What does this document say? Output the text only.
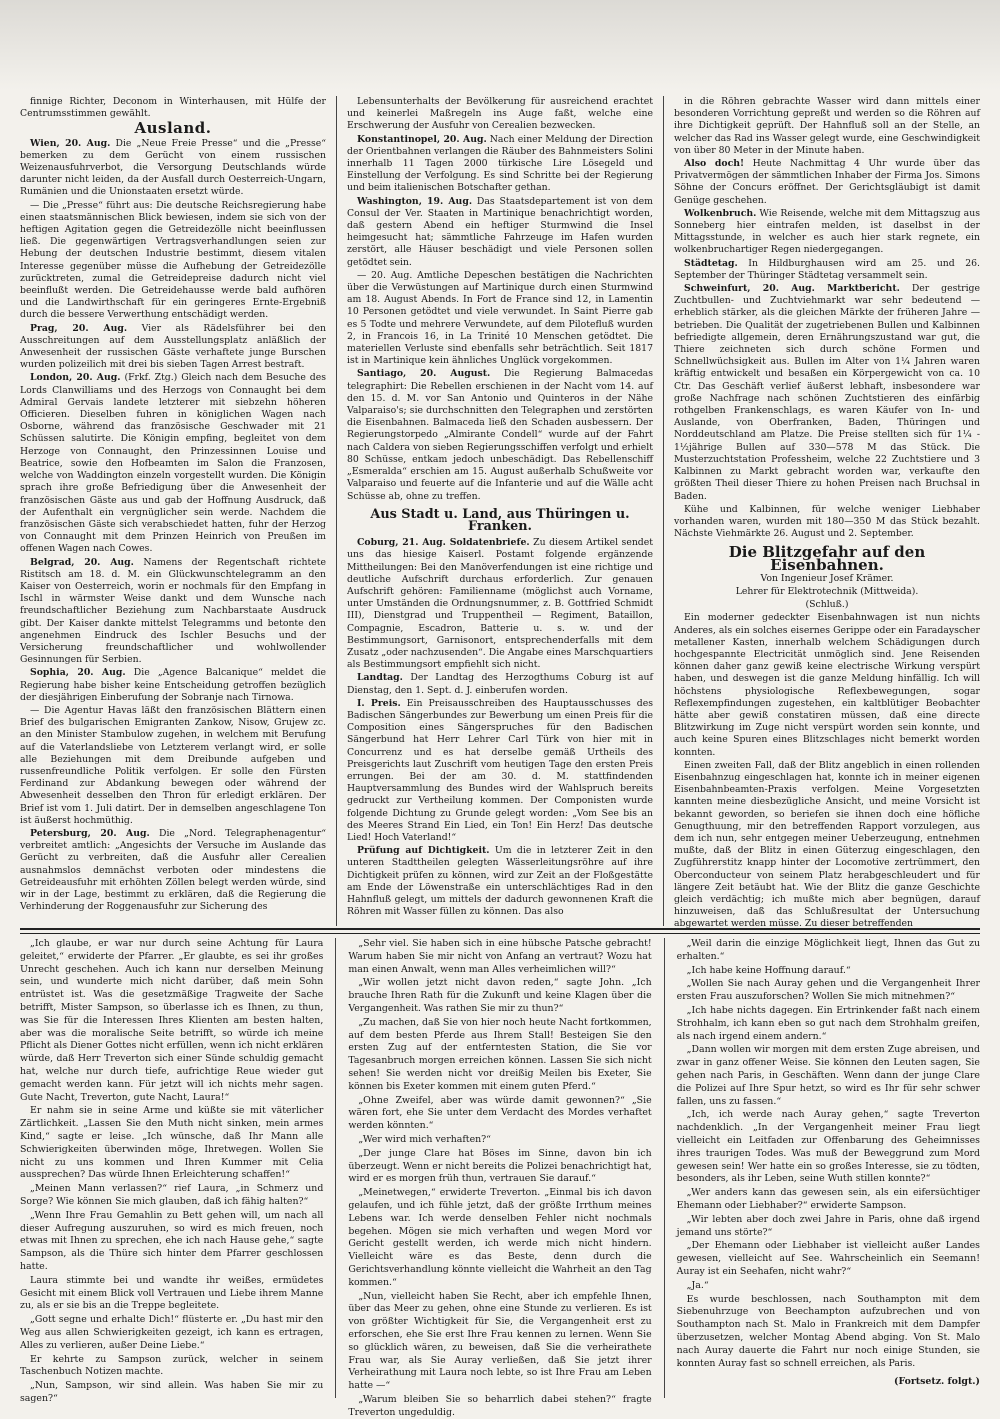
finnige Richter, Deconom in Winterhausen, mit Hülfe der Centrumsstimmen gewählt.

Ausland.

Wien, 20. Aug. Die „Neue Freie Presse“ und die „Presse“ bemerken zu dem Gerücht von einem russischen Weizenausfuhrverbot, die Versorgung Deutschlands würde darunter nicht leiden, da der Ausfall durch Oesterreich-Ungarn, Rumänien und die Unionstaaten ersetzt würde.

— Die „Presse“ führt aus: Die deutsche Reichsregierung habe einen staatsmännischen Blick bewiesen, indem sie sich von der heftigen Agitation gegen die Getreidezölle nicht beeinflussen ließ. Die gegenwärtigen Vertragsverhandlungen seien zur Hebung der deutschen Industrie bestimmt, diesem vitalen Interesse gegenüber müsse die Aufhebung der Getreidezölle zurücktreten, zumal die Getreidepreise dadurch nicht viel beeinflußt werden. Die Getreidehausse werde bald aufhören und die Landwirthschaft für ein geringeres Ernte-Ergebniß durch die bessere Verwerthung entschädigt werden.

Prag, 20. Aug. Vier als Rädelsführer bei den Ausschreitungen auf dem Ausstellungsplatz anläßlich der Anwesenheit der russischen Gäste verhaftete junge Burschen wurden polizeilich mit drei bis sieben Tagen Arrest bestraft.

London, 20. Aug. (Frkf. Ztg.) Gleich nach dem Besuche des Lords Clanwilliams und des Herzogs von Connaught bei dem Admiral Gervais landete letzterer mit siebzehn höheren Officieren. Dieselben fuhren in königlichen Wagen nach Osborne, während das französische Geschwader mit 21 Schüssen salutirte. Die Königin empfing, begleitet von dem Herzoge von Connaught, den Prinzessinnen Louise und Beatrice, sowie den Hofbeamten im Salon die Franzosen, welche von Waddington einzeln vorgestellt wurden. Die Königin sprach ihre große Befriedigung über die Anwesenheit der französischen Gäste aus und gab der Hoffnung Ausdruck, daß der Aufenthalt ein vergnüglicher sein werde. Nachdem die französischen Gäste sich verabschiedet hatten, fuhr der Herzog von Connaught mit dem Prinzen Heinrich von Preußen im offenen Wagen nach Cowes.

Belgrad, 20. Aug. Namens der Regentschaft richtete Ristitsch am 18. d. M. ein Glückwunschtelegramm an den Kaiser von Oesterreich, worin er nochmals für den Empfang in Ischl in wärmster Weise dankt und dem Wunsche nach freundschaftlicher Beziehung zum Nachbarstaate Ausdruck gibt. Der Kaiser dankte mittelst Telegramms und betonte den angenehmen Eindruck des Ischler Besuchs und der Versicherung freundschaftlicher und wohlwollender Gesinnungen für Serbien.

Sophia, 20. Aug. Die „Agence Balcanique“ meldet die Regierung habe bisher keine Entscheidung getroffen bezüglich der diesjährigen Einberufung der Sobranje nach Tirnowa.

— Die Agentur Havas läßt den französischen Blättern einen Brief des bulgarischen Emigranten Zankow, Nisow, Grujew zc. an den Minister Stambulow zugehen, in welchem mit Berufung auf die Vaterlandsliebe von Letzterem verlangt wird, er solle alle Beziehungen mit dem Dreibunde aufgeben und russenfreundliche Politik verfolgen. Er solle den Fürsten Ferdinand zur Abdankung bewegen oder während der Abwesenheit desselben den Thron für erledigt erklären. Der Brief ist vom 1. Juli datirt. Der in demselben angeschlagene Ton ist äußerst hochmüthig.

Petersburg, 20. Aug. Die „Nord. Telegraphenagentur“ verbreitet amtlich: „Angesichts der Versuche im Auslande das Gerücht zu verbreiten, daß die Ausfuhr aller Cerealien ausnahmslos demnächst verboten oder mindestens die Getreideausfuhr mit erhöhten Zöllen belegt werden würde, sind wir in der Lage, bestimmt zu erklären, daß die Regierung die Verhinderung der Roggenausfuhr zur Sicherung des

Lebensunterhalts der Bevölkerung für ausreichend erachtet und keinerlei Maßregeln ins Auge faßt, welche eine Erschwerung der Ausfuhr von Cerealien bezwecken.

Konstantinopel, 20. Aug. Nach einer Meldung der Direction der Orientbahnen verlangen die Räuber des Bahnmeisters Solini innerhalb 11 Tagen 2000 türkische Lire Lösegeld und Einstellung der Verfolgung. Es sind Schritte bei der Regierung und beim italienischen Botschafter gethan.

Washington, 19. Aug. Das Staatsdepartement ist von dem Consul der Ver. Staaten in Martinique benachrichtigt worden, daß gestern Abend ein heftiger Sturmwind die Insel heimgesucht hat; sämmtliche Fahrzeuge im Hafen wurden zerstört, alle Häuser beschädigt und viele Personen sollen getödtet sein.

— 20. Aug. Amtliche Depeschen bestätigen die Nachrichten über die Verwüstungen auf Martinique durch einen Sturmwind am 18. August Abends. In Fort de France sind 12, in Lamentin 10 Personen getödtet und viele verwundet. In Saint Pierre gab es 5 Todte und mehrere Verwundete, auf dem Pilotefluß wurden 2, in Francois 16, in La Trinité 10 Menschen getödtet. Die materiellen Verluste sind ebenfalls sehr beträchtlich. Seit 1817 ist in Martinique kein ähnliches Unglück vorgekommen.

Santiago, 20. August. Die Regierung Balmacedas telegraphirt: Die Rebellen erschienen in der Nacht vom 14. auf den 15. d. M. vor San Antonio und Quinteros in der Nähe Valparaiso's; sie durchschnitten den Telegraphen und zerstörten die Eisenbahnen. Balmaceda ließ den Schaden ausbessern. Der Regierungstorpedo „Almirante Condell“ wurde auf der Fahrt nach Caldera von sieben Regierungsschiffen verfolgt und erhielt 80 Schüsse, entkam jedoch unbeschädigt. Das Rebellenschiff „Esmeralda“ erschien am 15. August außerhalb Schußweite vor Valparaiso und feuerte auf die Infanterie und auf die Wälle acht Schüsse ab, ohne zu treffen.

Aus Stadt u. Land, aus Thüringen u. Franken.

Coburg, 21. Aug. Soldatenbriefe. Zu diesem Artikel sendet uns das hiesige Kaiserl. Postamt folgende ergänzende Mittheilungen: Bei den Manöverfendungen ist eine richtige und deutliche Aufschrift durchaus erforderlich. Zur genauen Aufschrift gehören: Familienname (möglichst auch Vorname, unter Umständen die Ordnungsnummer, z. B. Gottfried Schmidt III), Dienstgrad und Truppentheil — Regiment, Bataillon, Compagnie, Escadron, Batterie u. s. w. und der Bestimmungsort, Garnisonort, entsprechenderfalls mit dem Zusatz „oder nachzusenden“. Die Angabe eines Marschquartiers als Bestimmungsort empfiehlt sich nicht.

Landtag. Der Landtag des Herzogthums Coburg ist auf Dienstag, den 1. Sept. d. J. einberufen worden.

I. Preis. Ein Preisausschreiben des Hauptausschusses des Badischen Sängerbundes zur Bewerbung um einen Preis für die Composition eines Sängerspruches für den Badischen Sängerbund hat Herr Lehrer Carl Türk von hier mit in Concurrenz und es hat derselbe gemäß Urtheils des Preisgerichts laut Zuschrift vom heutigen Tage den ersten Preis errungen. Bei der am 30. d. M. stattfindenden Hauptversammlung des Bundes wird der Wahlspruch bereits gedruckt zur Vertheilung kommen. Der Componisten wurde folgende Dichtung zu Grunde gelegt worden: „Vom See bis an des Meeres Strand Ein Lied, ein Ton! Ein Herz! Das deutsche Lied! Hoch Vaterland!“

Prüfung auf Dichtigkeit. Um die in letzterer Zeit in den unteren Stadttheilen gelegten Wässerleitungsröhre auf ihre Dichtigkeit prüfen zu können, wird zur Zeit an der Floßgestätte am Ende der Löwenstraße ein unterschlächtiges Rad in den Hahnfluß gelegt, um mittels der dadurch gewonnenen Kraft die Röhren mit Wasser füllen zu können. Das also

in die Röhren gebrachte Wasser wird dann mittels einer besonderen Vorrichtung gepreßt und werden so die Röhren auf ihre Dichtigkeit geprüft. Der Hahnfluß soll an der Stelle, an welcher das Rad ins Wasser gelegt wurde, eine Geschwindigkeit von über 80 Meter in der Minute haben.

Also doch! Heute Nachmittag 4 Uhr wurde über das Privatvermögen der sämmtlichen Inhaber der Firma Jos. Simons Söhne der Concurs eröffnet. Der Gerichtsgläubigt ist damit Genüge geschehen.

Wolkenbruch. Wie Reisende, welche mit dem Mittagszug aus Sonneberg hier eintrafen melden, ist daselbst in der Mittagsstunde, in welcher es auch hier stark regnete, ein wolkenbruchartiger Regen niedergegangen.

Städtetag. In Hildburghausen wird am 25. und 26. September der Thüringer Städtetag versammelt sein.

Schweinfurt, 20. Aug. Marktbericht. Der gestrige Zuchtbullen- und Zuchtviehmarkt war sehr bedeutend — erheblich stärker, als die gleichen Märkte der früheren Jahre — betrieben. Die Qualität der zugetriebenen Bullen und Kalbinnen befriedigte allgemein, deren Ernährungszustand war gut, die Thiere zeichneten sich durch schöne Formen und Schnellwüchsigkeit aus. Bullen im Alter von 1¼ Jahren waren kräftig entwickelt und besaßen ein Körpergewicht von ca. 10 Ctr. Das Geschäft verlief äußerst lebhaft, insbesondere war große Nachfrage nach schönen Zuchtstieren des einfärbig rothgelben Frankenschlags, es waren Käufer von In- und Auslande, von Oberfranken, Baden, Thüringen und Norddeutschland am Platze. Die Preise stellten sich für 1¼ - 1½jährige Bullen auf 330—578 M das Stück. Die Musterzuchtstation Professheim, welche 22 Zuchtstiere und 3 Kalbinnen zu Markt gebracht worden war, verkaufte den größten Theil dieser Thiere zu hohen Preisen nach Bruchsal in Baden.

Kühe und Kalbinnen, für welche weniger Liebhaber vorhanden waren, wurden mit 180—350 M das Stück bezahlt. Nächste Viehmärkte 26. August und 2. September.

Die Blitzgefahr auf den Eisenbahnen.

Von Ingenieur Josef Krämer.

Lehrer für Elektrotechnik (Mittweida).

(Schluß.)

Ein moderner gedeckter Eisenbahnwagen ist nun nichts Anderes, als ein solches eisernes Gerippe oder ein Faradayscher metallener Kasten, innerhalb welchem Schädigungen durch hochgespannte Electricität unmöglich sind. Jene Reisenden können daher ganz gewiß keine electrische Wirkung verspürt haben, und deswegen ist die ganze Meldung hinfällig. Ich will höchstens physiologische Reflexbewegungen, sogar Reflexempfindungen zugestehen, ein kaltblütiger Beobachter hätte aber gewiß constatiren müssen, daß eine directe Blitzwirkung im Zuge nicht verspürt worden sein konnte, und auch keine Spuren eines Blitzschlages nicht bemerkt worden konnten.

Einen zweiten Fall, daß der Blitz angeblich in einen rollenden Eisenbahnzug eingeschlagen hat, konnte ich in meiner eigenen Eisenbahnbeamten-Praxis verfolgen. Meine Vorgesetzten kannten meine diesbezügliche Ansicht, und meine Vorsicht ist bekannt geworden, so beriefen sie ihnen doch eine höfliche Genugthuung, mir den betreffenden Rapport vorzulegen, aus dem ich nun, sehr entgegen meiner Ueberzeugung, entnehmen mußte, daß der Blitz in einen Güterzug eingeschlagen, den Zugführerstitz knapp hinter der Locomotive zertrümmert, den Oberconducteur von seinem Platz herabgeschleudert und für längere Zeit betäubt hat. Wie der Blitz die ganze Geschichte gleich verdächtig; ich mußte mich aber begnügen, darauf hinzuweisen, daß das Schlußresultat der Untersuchung abgewartet werden müsse. Zu dieser betreffenden

„Ich glaube, er war nur durch seine Achtung für Laura geleitet,“ erwiderte der Pfarrer. „Er glaubte, es sei ihr großes Unrecht geschehen. Auch ich kann nur derselben Meinung sein, und wunderte mich nicht darüber, daß mein Sohn entrüstet ist. Was die gesetzmäßige Tragweite der Sache betrifft, Mister Sampson, so überlasse ich es Ihnen, zu thun, was Sie für die Interessen Ihres Klienten am besten halten, aber was die moralische Seite betrifft, so würde ich meine Pflicht als Diener Gottes nicht erfüllen, wenn ich nicht erklären würde, daß Herr Treverton sich einer Sünde schuldig gemacht hat, welche nur durch tiefe, aufrichtige Reue wieder gut gemacht werden kann. Für jetzt will ich nichts mehr sagen. Gute Nacht, Treverton, gute Nacht, Laura!“

Er nahm sie in seine Arme und küßte sie mit väterlicher Zärtlichkeit. „Lassen Sie den Muth nicht sinken, mein armes Kind,“ sagte er leise. „Ich wünsche, daß Ihr Mann alle Schwierigkeiten überwinden möge, Ihretwegen. Wollen Sie nicht zu uns kommen und Ihren Kummer mit Celia aussprechen? Das würde Ihnen Erleichterung schaffen!“

„Meinen Mann verlassen?“ rief Laura, „in Schmerz und Sorge? Wie können Sie mich glauben, daß ich fähig halten?“

„Wenn Ihre Frau Gemahlin zu Bett gehen will, um nach all dieser Aufregung auszuruhen, so wird es mich freuen, noch etwas mit Ihnen zu sprechen, ehe ich nach Hause gehe,“ sagte Sampson, als die Thüre sich hinter dem Pfarrer geschlossen hatte.

Laura stimmte bei und wandte ihr weißes, ermüdetes Gesicht mit einem Blick voll Vertrauen und Liebe ihrem Manne zu, als er sie bis an die Treppe begleitete.

„Gott segne und erhalte Dich!“ flüsterte er. „Du hast mir den Weg aus allen Schwierigkeiten gezeigt, ich kann es ertragen, Alles zu verlieren, außer Deine Liebe.“

Er kehrte zu Sampson zurück, welcher in seinem Taschenbuch Notizen machte.

„Nun, Sampson, wir sind allein. Was haben Sie mir zu sagen?“

„Sehr viel. Sie haben sich in eine hübsche Patsche gebracht! Warum haben Sie mir nicht von Anfang an vertraut? Wozu hat man einen Anwalt, wenn man Alles verheimlichen will?“

„Wir wollen jetzt nicht davon reden,“ sagte John. „Ich brauche Ihren Rath für die Zukunft und keine Klagen über die Vergangenheit. Was rathen Sie mir zu thun?“

„Zu machen, daß Sie von hier noch heute Nacht fortkommen, auf dem besten Pferde aus Ihrem Stall! Besteigen Sie den ersten Zug auf der entferntesten Station, die Sie vor Tagesanbruch morgen erreichen können. Lassen Sie sich nicht sehen! Sie werden nicht vor dreißig Meilen bis Exeter, Sie können bis Exeter kommen mit einem guten Pferd.“

„Ohne Zweifel, aber was würde damit gewonnen?“ „Sie wären fort, ehe Sie unter dem Verdacht des Mordes verhaftet werden könnten.“

„Wer wird mich verhaften?“

„Der junge Clare hat Böses im Sinne, davon bin ich überzeugt. Wenn er nicht bereits die Polizei benachrichtigt hat, wird er es morgen früh thun, vertrauen Sie darauf.“

„Meinetwegen,“ erwiderte Treverton. „Einmal bis ich davon gelaufen, und ich fühle jetzt, daß der größte Irrthum meines Lebens war. Ich werde denselben Fehler nicht nochmals begehen. Mögen sie mich verhaften und wegen Mord vor Gericht gestellt werden, ich werde mich nicht hindern. Vielleicht wäre es das Beste, denn durch die Gerichtsverhandlung könnte vielleicht die Wahrheit an den Tag kommen.“

„Nun, vielleicht haben Sie Recht, aber ich empfehle Ihnen, über das Meer zu gehen, ohne eine Stunde zu verlieren. Es ist von größter Wichtigkeit für Sie, die Vergangenheit erst zu erforschen, ehe Sie erst Ihre Frau kennen zu lernen. Wenn Sie so glücklich wären, zu beweisen, daß Sie die verheirathete Frau war, als Sie Auray verließen, daß Sie jetzt ihrer Verheirathung mit Laura noch lebte, so ist Ihre Frau am Leben hatte —“

„Warum bleiben Sie so beharrlich dabei stehen?“ fragte Treverton ungeduldig.

„Weil darin die einzige Möglichkeit liegt, Ihnen das Gut zu erhalten.“

„Ich habe keine Hoffnung darauf.“

„Wollen Sie nach Auray gehen und die Vergangenheit Ihrer ersten Frau auszuforschen? Wollen Sie mich mitnehmen?“

„Ich habe nichts dagegen. Ein Ertrinkender faßt nach einem Strohhalm, ich kann eben so gut nach dem Strohhalm greifen, als nach irgend einem andern.“

„Dann wollen wir morgen mit dem ersten Zuge abreisen, und zwar in ganz offener Weise. Sie können den Leuten sagen, Sie gehen nach Paris, in Geschäften. Wenn dann der junge Clare die Polizei auf Ihre Spur hetzt, so wird es Ihr für sehr schwer fallen, uns zu fassen.“

„Ich, ich werde nach Auray gehen,“ sagte Treverton nachdenklich. „In der Vergangenheit meiner Frau liegt vielleicht ein Leitfaden zur Offenbarung des Geheimnisses ihres traurigen Todes. Was muß der Beweggrund zum Mord gewesen sein! Wer hatte ein so großes Interesse, sie zu tödten, besonders, als ihr Leben, seine Wuth stillen konnte?“

„Wer anders kann das gewesen sein, als ein eifersüchtiger Ehemann oder Liebhaber?“ erwiderte Sampson.

„Wir lebten aber doch zwei Jahre in Paris, ohne daß irgend jemand uns störte?“

„Der Ehemann oder Liebhaber ist vielleicht außer Landes gewesen, vielleicht auf See. Wahrscheinlich ein Seemann! Auray ist ein Seehafen, nicht wahr?“

„Ja.“

Es wurde beschlossen, nach Southampton mit dem Siebenuhrzuge von Beechampton aufzubrechen und von Southampton nach St. Malo in Frankreich mit dem Dampfer überzusetzen, welcher Montag Abend abging. Von St. Malo nach Auray dauerte die Fahrt nur noch einige Stunden, sie konnten Auray fast so schnell erreichen, als Paris.

(Fortsetz. folgt.)
